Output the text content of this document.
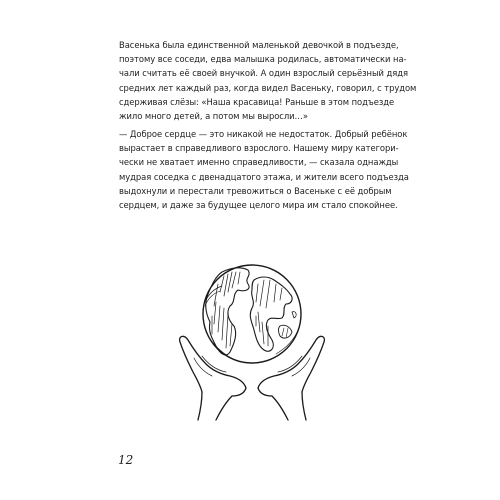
Васенька была единственной маленькой девочкой в подъезде,
поэтому все соседи, едва малышка родилась, автоматически на-
чали считать её своей внучкой. А один взрослый серьёзный дядя
средних лет каждый раз, когда видел Васеньку, говорил, с трудом
сдерживая слёзы: «Наша красавица! Раньше в этом подъезде
жило много детей, а потом мы выросли…»
— Доброе сердце — это никакой не недостаток. Добрый ребёнок
вырастает в справедливого взрослого. Нашему миру категори-
чески не хватает именно справедливости, — сказала однажды
мудрая соседка с двенадцатого этажа, и жители всего подъезда
выдохнули и перестали тревожиться о Васеньке с её добрым
сердцем, и даже за будущее целого мира им стало спокойнее.
12
